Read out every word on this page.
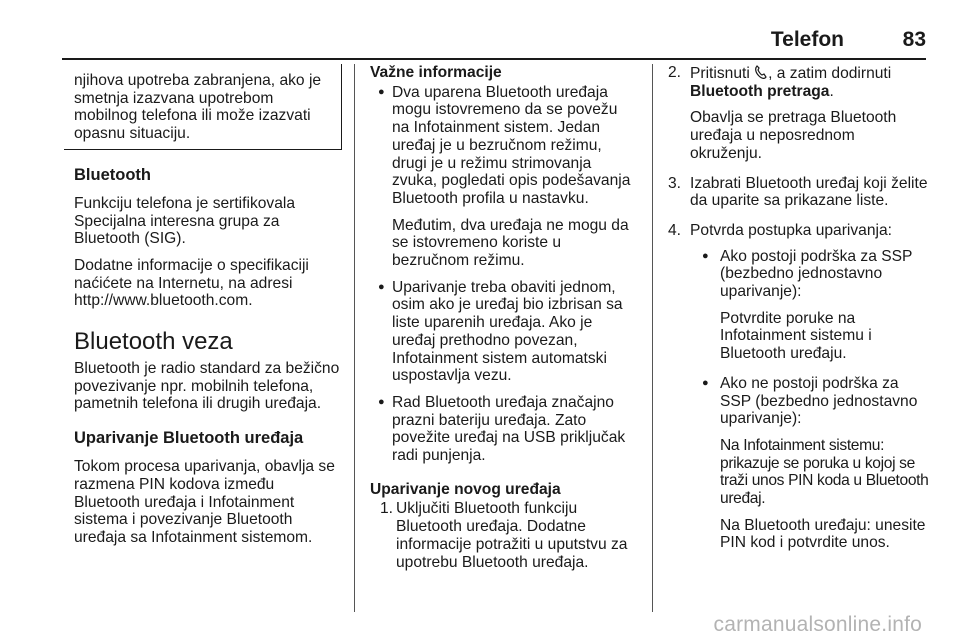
Telefon	83
njihova upotreba zabranjena, ako je smetnja izazvana upotrebom mobilnog telefona ili može izazvati opasnu situaciju.
Bluetooth

Funkciju telefona je sertifikovala Specijalna interesna grupa za Bluetooth (SIG).

Dodatne informacije o specifikaciji naćićete na Internetu, na adresi http://www.bluetooth.com.

Bluetooth veza

Bluetooth je radio standard za bežično povezivanje npr. mobilnih telefona, pametnih telefona ili drugih uređaja.

Uparivanje Bluetooth uređaja

Tokom procesa uparivanja, obavlja se razmena PIN kodova između Bluetooth uređaja i Infotainment sistema i povezivanje Bluetooth uređaja sa Infotainment sistemom.

Važne informacije

● Dva uparena Bluetooth uređaja mogu istovremeno da se povežu na Infotainment sistem. Jedan uređaj je u bezručnom režimu, drugi je u režimu strimovanja zvuka, pogledati opis podešavanja Bluetooth profila u nastavku.

Međutim, dva uređaja ne mogu da se istovremeno koriste u bezručnom režimu.

● Uparivanje treba obaviti jednom, osim ako je uređaj bio izbrisan sa liste uparenih uređaja. Ako je uređaj prethodno povezan, Infotainment sistem automatski uspostavlja vezu.

● Rad Bluetooth uređaja značajno prazni bateriju uređaja. Zato povežite uređaj na USB priključak radi punjenja.

Uparivanje novog uređaja
1. Uključiti Bluetooth funkciju Bluetooth uređaja. Dodatne informacije potražiti u uputstvu za upotrebu Bluetooth uređaja.

2. Pritisnuti , a zatim dodirnuti Bluetooth pretraga.

Obavlja se pretraga Bluetooth uređaja u neposrednom okruženju.

3. Izabrati Bluetooth uređaj koji želite da uparite sa prikazane liste.

4. Potvrda postupka uparivanja:

● Ako postoji podrška za SSP (bezbedno jednostavno uparivanje):

Potvrdite poruke na Infotainment sistemu i Bluetooth uređaju.

● Ako ne postoji podrška za SSP (bezbedno jednostavno uparivanje):

Na Infotainment sistemu: prikazuje se poruka u kojoj se traži unos PIN koda u Bluetooth uređaj.

Na Bluetooth uređaju: unesite PIN kod i potvrdite unos.

carmanualsonline.info
